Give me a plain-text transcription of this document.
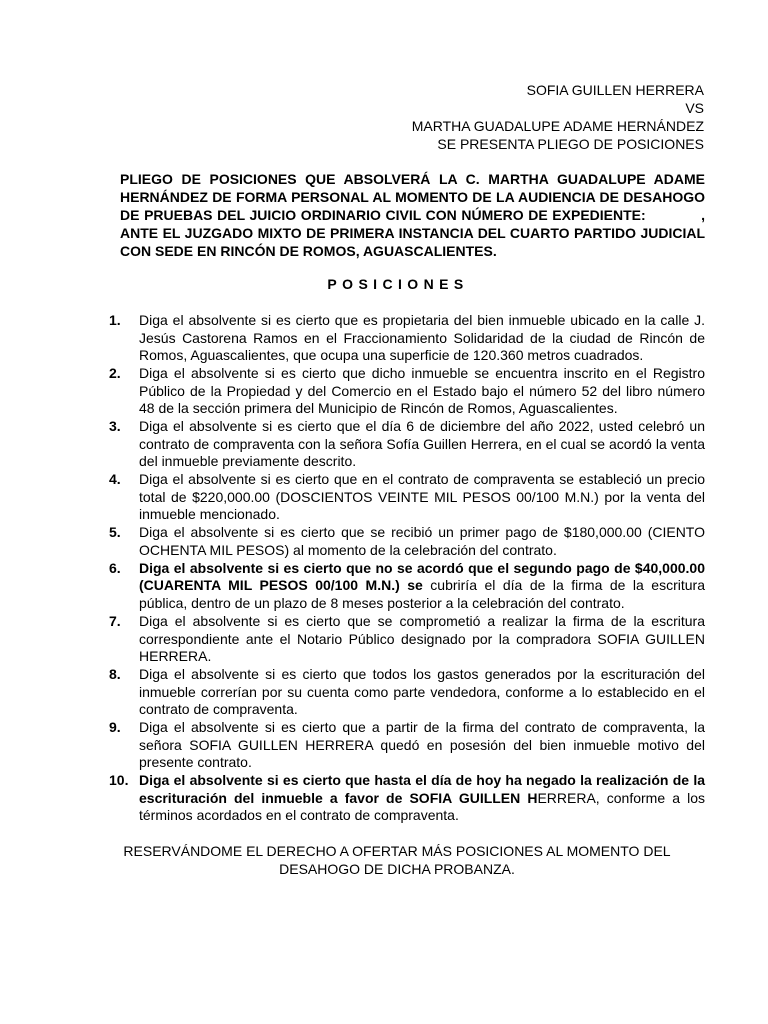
SOFIA GUILLEN HERRERA
VS
MARTHA GUADALUPE ADAME HERNÁNDEZ
SE PRESENTA PLIEGO DE POSICIONES

PLIEGO DE POSICIONES QUE ABSOLVERÁ LA C. MARTHA GUADALUPE ADAME HERNÁNDEZ DE FORMA PERSONAL AL MOMENTO DE LA AUDIENCIA DE DESAHOGO DE PRUEBAS DEL JUICIO ORDINARIO CIVIL CON NÚMERO DE EXPEDIENTE:	, ANTE EL JUZGADO MIXTO DE PRIMERA INSTANCIA DEL CUARTO PARTIDO JUDICIAL CON SEDE EN RINCÓN DE ROMOS, AGUASCALIENTES.

POSICIONES

1.	Diga el absolvente si es cierto que es propietaria del bien inmueble ubicado en la calle J. Jesús Castorena Ramos en el Fraccionamiento Solidaridad de la ciudad de Rincón de Romos, Aguascalientes, que ocupa una superficie de 120.360 metros cuadrados.
2.	Diga el absolvente si es cierto que dicho inmueble se encuentra inscrito en el Registro Público de la Propiedad y del Comercio en el Estado bajo el número 52 del libro número 48 de la sección primera del Municipio de Rincón de Romos, Aguascalientes.
3.	Diga el absolvente si es cierto que el día 6 de diciembre del año 2022, usted celebró un contrato de compraventa con la señora Sofía Guillen Herrera, en el cual se acordó la venta del inmueble previamente descrito.
4.	Diga el absolvente si es cierto que en el contrato de compraventa se estableció un precio total de $220,000.00 (DOSCIENTOS VEINTE MIL PESOS 00/100 M.N.) por la venta del inmueble mencionado.
5.	Diga el absolvente si es cierto que se recibió un primer pago de $180,000.00 (CIENTO OCHENTA MIL PESOS) al momento de la celebración del contrato.
6.	Diga el absolvente si es cierto que no se acordó que el segundo pago de $40,000.00 (CUARENTA MIL PESOS 00/100 M.N.) se cubriría el día de la firma de la escritura pública, dentro de un plazo de 8 meses posterior a la celebración del contrato.
7.	Diga el absolvente si es cierto que se comprometió a realizar la firma de la escritura correspondiente ante el Notario Público designado por la compradora SOFIA GUILLEN HERRERA.
8.	Diga el absolvente si es cierto que todos los gastos generados por la escrituración del inmueble correrían por su cuenta como parte vendedora, conforme a lo establecido en el contrato de compraventa.
9.	Diga el absolvente si es cierto que a partir de la firma del contrato de compraventa, la señora SOFIA GUILLEN HERRERA quedó en posesión del bien inmueble motivo del presente contrato.
10. Diga el absolvente si es cierto que hasta el día de hoy ha negado la realización de la escrituración del inmueble a favor de SOFIA GUILLEN HERRERA, conforme a los términos acordados en el contrato de compraventa.

RESERVÁNDOME EL DERECHO A OFERTAR MÁS POSICIONES AL MOMENTO DEL
DESAHOGO DE DICHA PROBANZA.
